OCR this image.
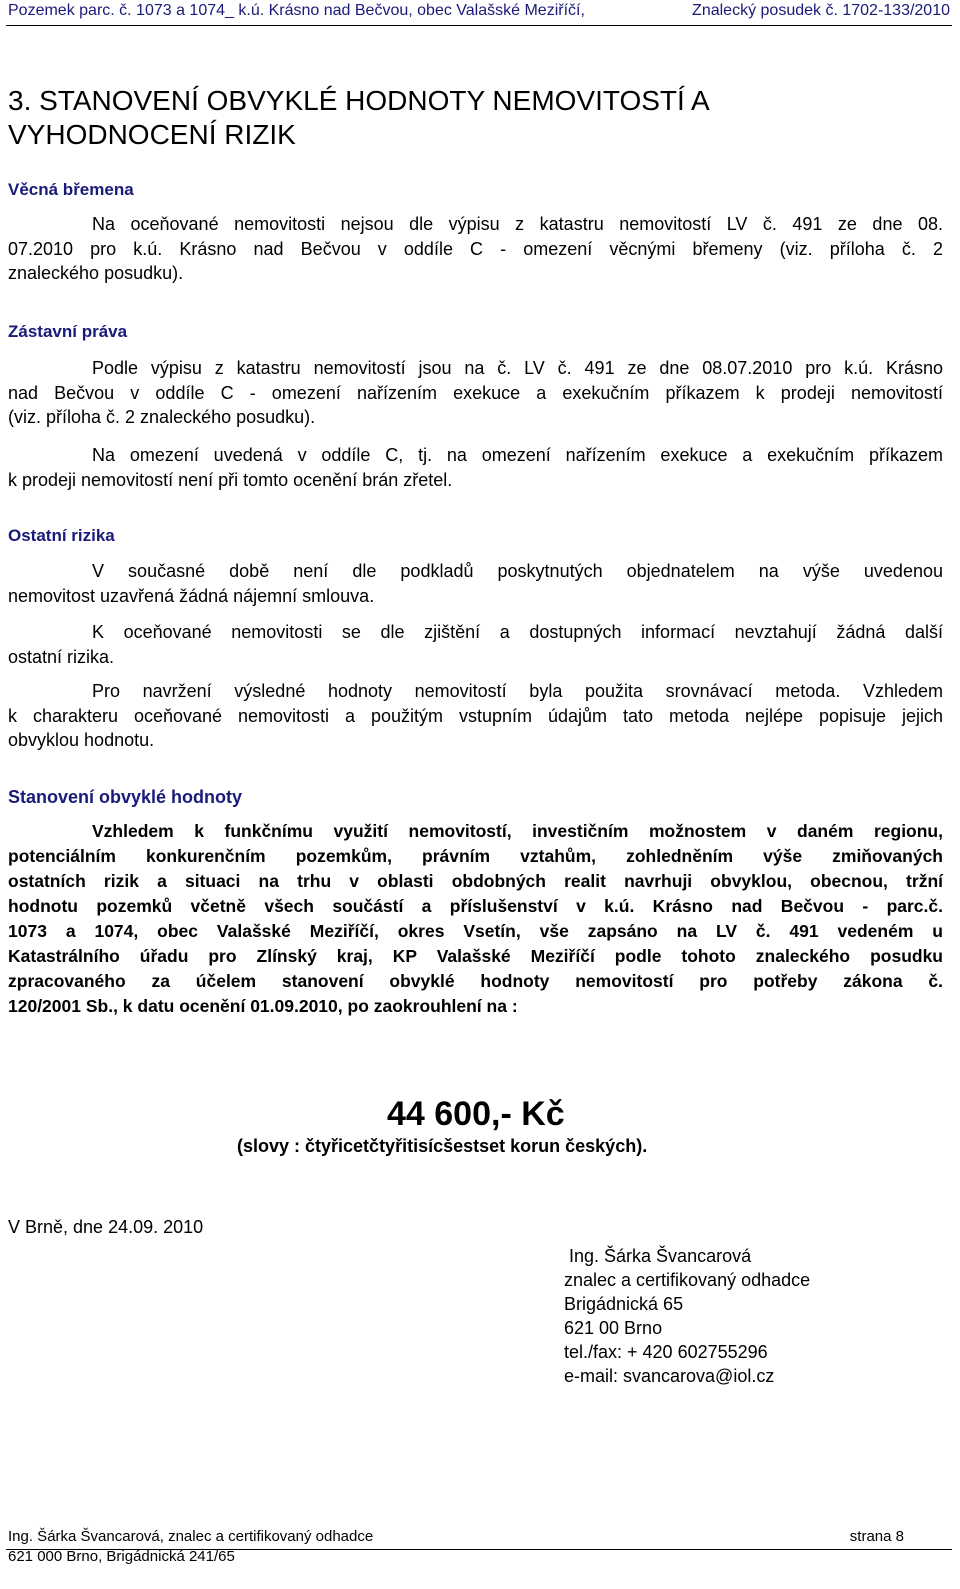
Pozemek parc. č. 1073 a 1074_ k.ú. Krásno nad Bečvou, obec Valašské Meziříčí,	Znalecký posudek č. 1702-133/2010
3. STANOVENÍ OBVYKLÉ HODNOTY NEMOVITOSTÍ A
VYHODNOCENÍ RIZIK
Věcná břemena
Na oceňované nemovitosti nejsou dle výpisu z katastru nemovitostí LV č. 491 ze dne 08.
07.2010 pro k.ú. Krásno nad Bečvou v oddíle C - omezení věcnými břemeny (viz. příloha č. 2
znaleckého posudku).
Zástavní práva
Podle výpisu z katastru nemovitostí jsou na č. LV č. 491 ze dne 08.07.2010 pro k.ú. Krásno
nad Bečvou v oddíle C - omezení nařízením exekuce a exekučním příkazem k prodeji nemovitostí
(viz. příloha č. 2 znaleckého posudku).
Na omezení uvedená v oddíle C, tj. na omezení nařízením exekuce a exekučním příkazem
k prodeji nemovitostí není při tomto ocenění brán zřetel.
Ostatní rizika
V současné době není dle podkladů poskytnutých objednatelem na výše uvedenou
nemovitost uzavřená žádná nájemní smlouva.
K oceňované nemovitosti se dle zjištění a dostupných informací nevztahují žádná další
ostatní rizika.
Pro navržení výsledné hodnoty nemovitostí byla použita srovnávací metoda. Vzhledem
k charakteru oceňované nemovitosti a použitým vstupním údajům tato metoda nejlépe popisuje jejich
obvyklou hodnotu.
Stanovení obvyklé hodnoty
Vzhledem k funkčnímu využití nemovitostí, investičním možnostem v daném regionu,
potenciálním konkurenčním pozemkům, právním vztahům, zohledněním výše zmiňovaných
ostatních rizik a situaci na trhu v oblasti obdobných realit navrhuji obvyklou, obecnou, tržní
hodnotu pozemků včetně všech součástí a příslušenství v k.ú. Krásno nad Bečvou - parc.č.
1073 a 1074, obec Valašské Meziříčí, okres Vsetín, vše zapsáno na LV č. 491 vedeném u
Katastrálního úřadu pro Zlínský kraj, KP Valašské Meziříčí podle tohoto znaleckého posudku
zpracovaného za účelem stanovení obvyklé hodnoty nemovitostí pro potřeby zákona č.
120/2001 Sb., k datu ocenění 01.09.2010, po zaokrouhlení na :
44 600,- Kč
(slovy : čtyřicetčtyřitisícšestset korun českých).
V Brně, dne 24.09. 2010
Ing. Šárka Švancarová
znalec a certifikovaný odhadce
Brigádnická 65
621 00 Brno
tel./fax: + 420 602755296
e-mail: svancarova@iol.cz
Ing. Šárka Švancarová, znalec a certifikovaný odhadce
621 000 Brno, Brigádnická 241/65
strana 8
